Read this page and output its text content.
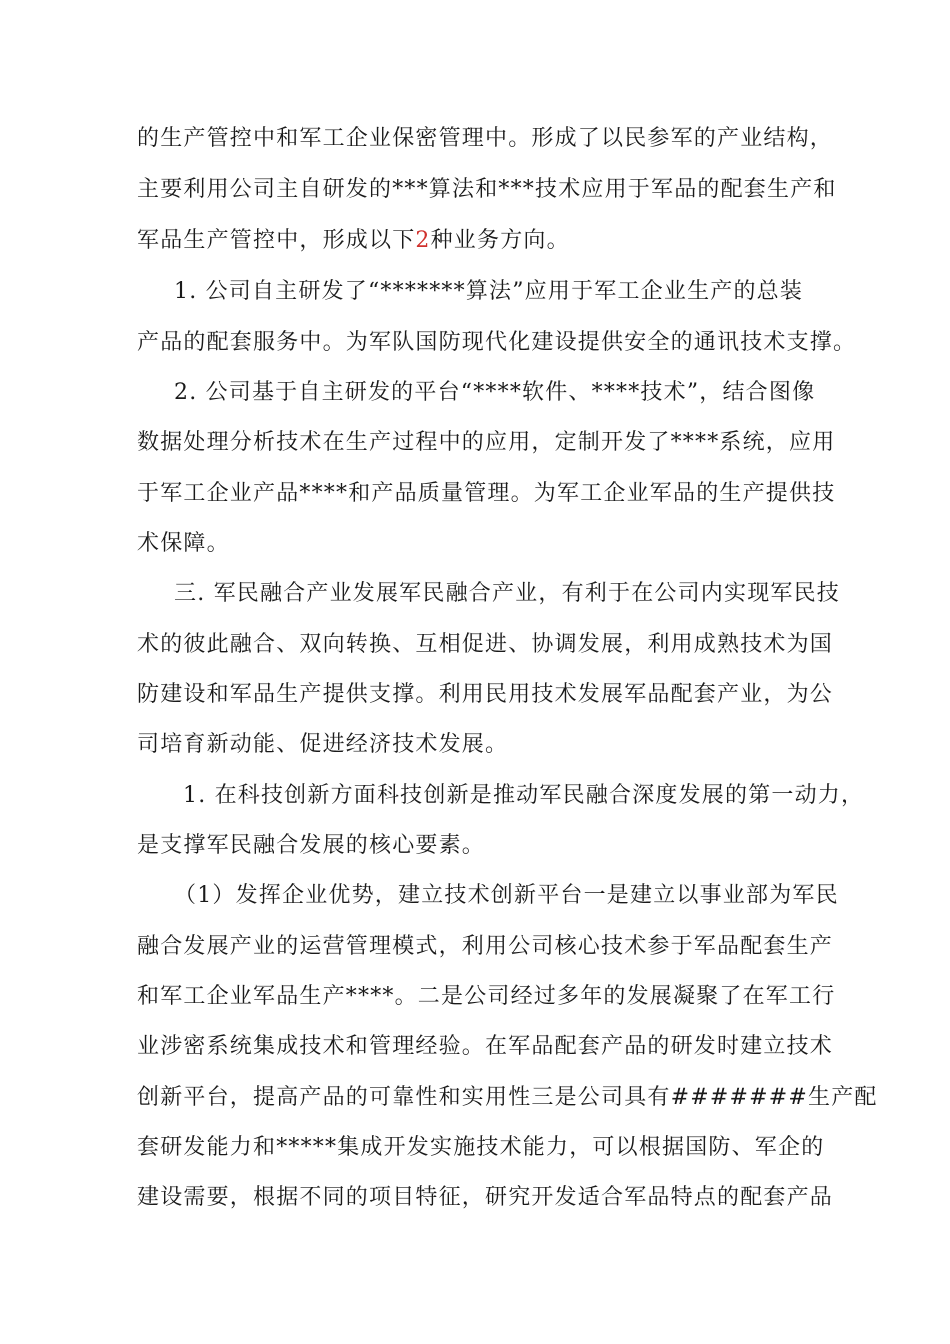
的生产管控中和军工企业保密管理中。形成了以民参军的产业结构，
主要利用公司主自研发的***算法和***技术应用于军品的配套生产和
军品生产管控中，形成以下2种业务方向。
1. 公司自主研发了“*******算法”应用于军工企业生产的总装
产品的配套服务中。为军队国防现代化建设提供安全的通讯技术支撑。
2. 公司基于自主研发的平台“****软件、****技术”，结合图像
数据处理分析技术在生产过程中的应用，定制开发了****系统，应用
于军工企业产品****和产品质量管理。为军工企业军品的生产提供技
术保障。
三. 军民融合产业发展军民融合产业，有利于在公司内实现军民技
术的彼此融合、双向转换、互相促进、协调发展，利用成熟技术为国
防建设和军品生产提供支撑。利用民用技术发展军品配套产业，为公
司培育新动能、促进经济技术发展。
1. 在科技创新方面科技创新是推动军民融合深度发展的第一动力，
是支撑军民融合发展的核心要素。
（1）发挥企业优势，建立技术创新平台一是建立以事业部为军民
融合发展产业的运营管理模式，利用公司核心技术参于军品配套生产
和军工企业军品生产****。二是公司经过多年的发展凝聚了在军工行
业涉密系统集成技术和管理经验。在军品配套产品的研发时建立技术
创新平台，提高产品的可靠性和实用性三是公司具有#######生产配
套研发能力和*****集成开发实施技术能力，可以根据国防、军企的
建设需要，根据不同的项目特征，研究开发适合军品特点的配套产品
